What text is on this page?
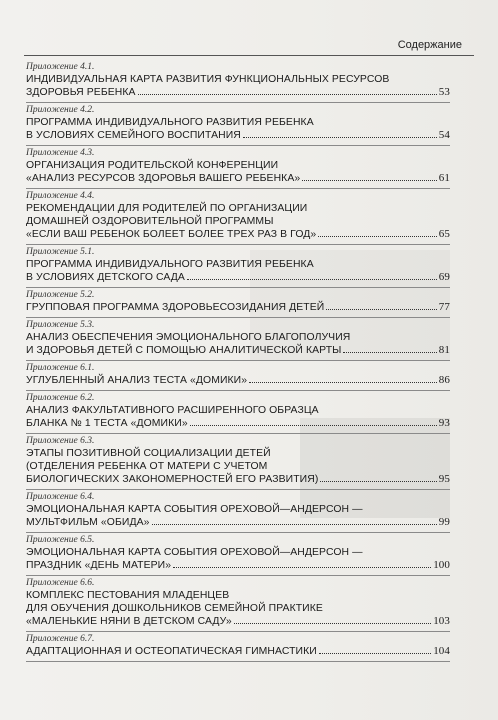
Содержание
Приложение 4.1.
ИНДИВИДУАЛЬНАЯ КАРТА РАЗВИТИЯ ФУНКЦИОНАЛЬНЫХ РЕСУРСОВ
ЗДОРОВЬЯ РЕБЕНКА	53
Приложение 4.2.
ПРОГРАММА ИНДИВИДУАЛЬНОГО РАЗВИТИЯ РЕБЕНКА
В УСЛОВИЯХ СЕМЕЙНОГО ВОСПИТАНИЯ	54
Приложение 4.3.
ОРГАНИЗАЦИЯ РОДИТЕЛЬСКОЙ КОНФЕРЕНЦИИ
«АНАЛИЗ РЕСУРСОВ ЗДОРОВЬЯ ВАШЕГО РЕБЕНКА»	61
Приложение 4.4.
РЕКОМЕНДАЦИИ ДЛЯ РОДИТЕЛЕЙ ПО ОРГАНИЗАЦИИ
ДОМАШНЕЙ ОЗДОРОВИТЕЛЬНОЙ ПРОГРАММЫ
«ЕСЛИ ВАШ РЕБЕНОК БОЛЕЕТ БОЛЕЕ ТРЕХ РАЗ В ГОД»	65
Приложение 5.1.
ПРОГРАММА ИНДИВИДУАЛЬНОГО РАЗВИТИЯ РЕБЕНКА
В УСЛОВИЯХ ДЕТСКОГО САДА	69
Приложение 5.2.
ГРУППОВАЯ ПРОГРАММА ЗДОРОВЬЕСОЗИДАНИЯ ДЕТЕЙ	77
Приложение 5.3.
АНАЛИЗ ОБЕСПЕЧЕНИЯ ЭМОЦИОНАЛЬНОГО БЛАГОПОЛУЧИЯ
И ЗДОРОВЬЯ ДЕТЕЙ С ПОМОЩЬЮ АНАЛИТИЧЕСКОЙ КАРТЫ	81
Приложение 6.1.
УГЛУБЛЕННЫЙ АНАЛИЗ ТЕСТА «ДОМИКИ»	86
Приложение 6.2.
АНАЛИЗ ФАКУЛЬТАТИВНОГО РАСШИРЕННОГО ОБРАЗЦА
БЛАНКА № 1 ТЕСТА «ДОМИКИ»	93
Приложение 6.3.
ЭТАПЫ ПОЗИТИВНОЙ СОЦИАЛИЗАЦИИ ДЕТЕЙ
(ОТДЕЛЕНИЯ РЕБЕНКА ОТ МАТЕРИ С УЧЕТОМ
БИОЛОГИЧЕСКИХ ЗАКОНОМЕРНОСТЕЙ ЕГО РАЗВИТИЯ)	95
Приложение 6.4.
ЭМОЦИОНАЛЬНАЯ КАРТА СОБЫТИЯ ОРЕХОВОЙ—АНДЕРСОН —
МУЛЬТФИЛЬМ «ОБИДА»	99
Приложение 6.5.
ЭМОЦИОНАЛЬНАЯ КАРТА СОБЫТИЯ ОРЕХОВОЙ—АНДЕРСОН —
ПРАЗДНИК «ДЕНЬ МАТЕРИ»	100
Приложение 6.6.
КОМПЛЕКС ПЕСТОВАНИЯ МЛАДЕНЦЕВ
ДЛЯ ОБУЧЕНИЯ ДОШКОЛЬНИКОВ СЕМЕЙНОЙ ПРАКТИКЕ
«МАЛЕНЬКИЕ НЯНИ В ДЕТСКОМ САДУ»	103
Приложение 6.7.
АДАПТАЦИОННАЯ И ОСТЕОПАТИЧЕСКАЯ ГИМНАСТИКИ	104
